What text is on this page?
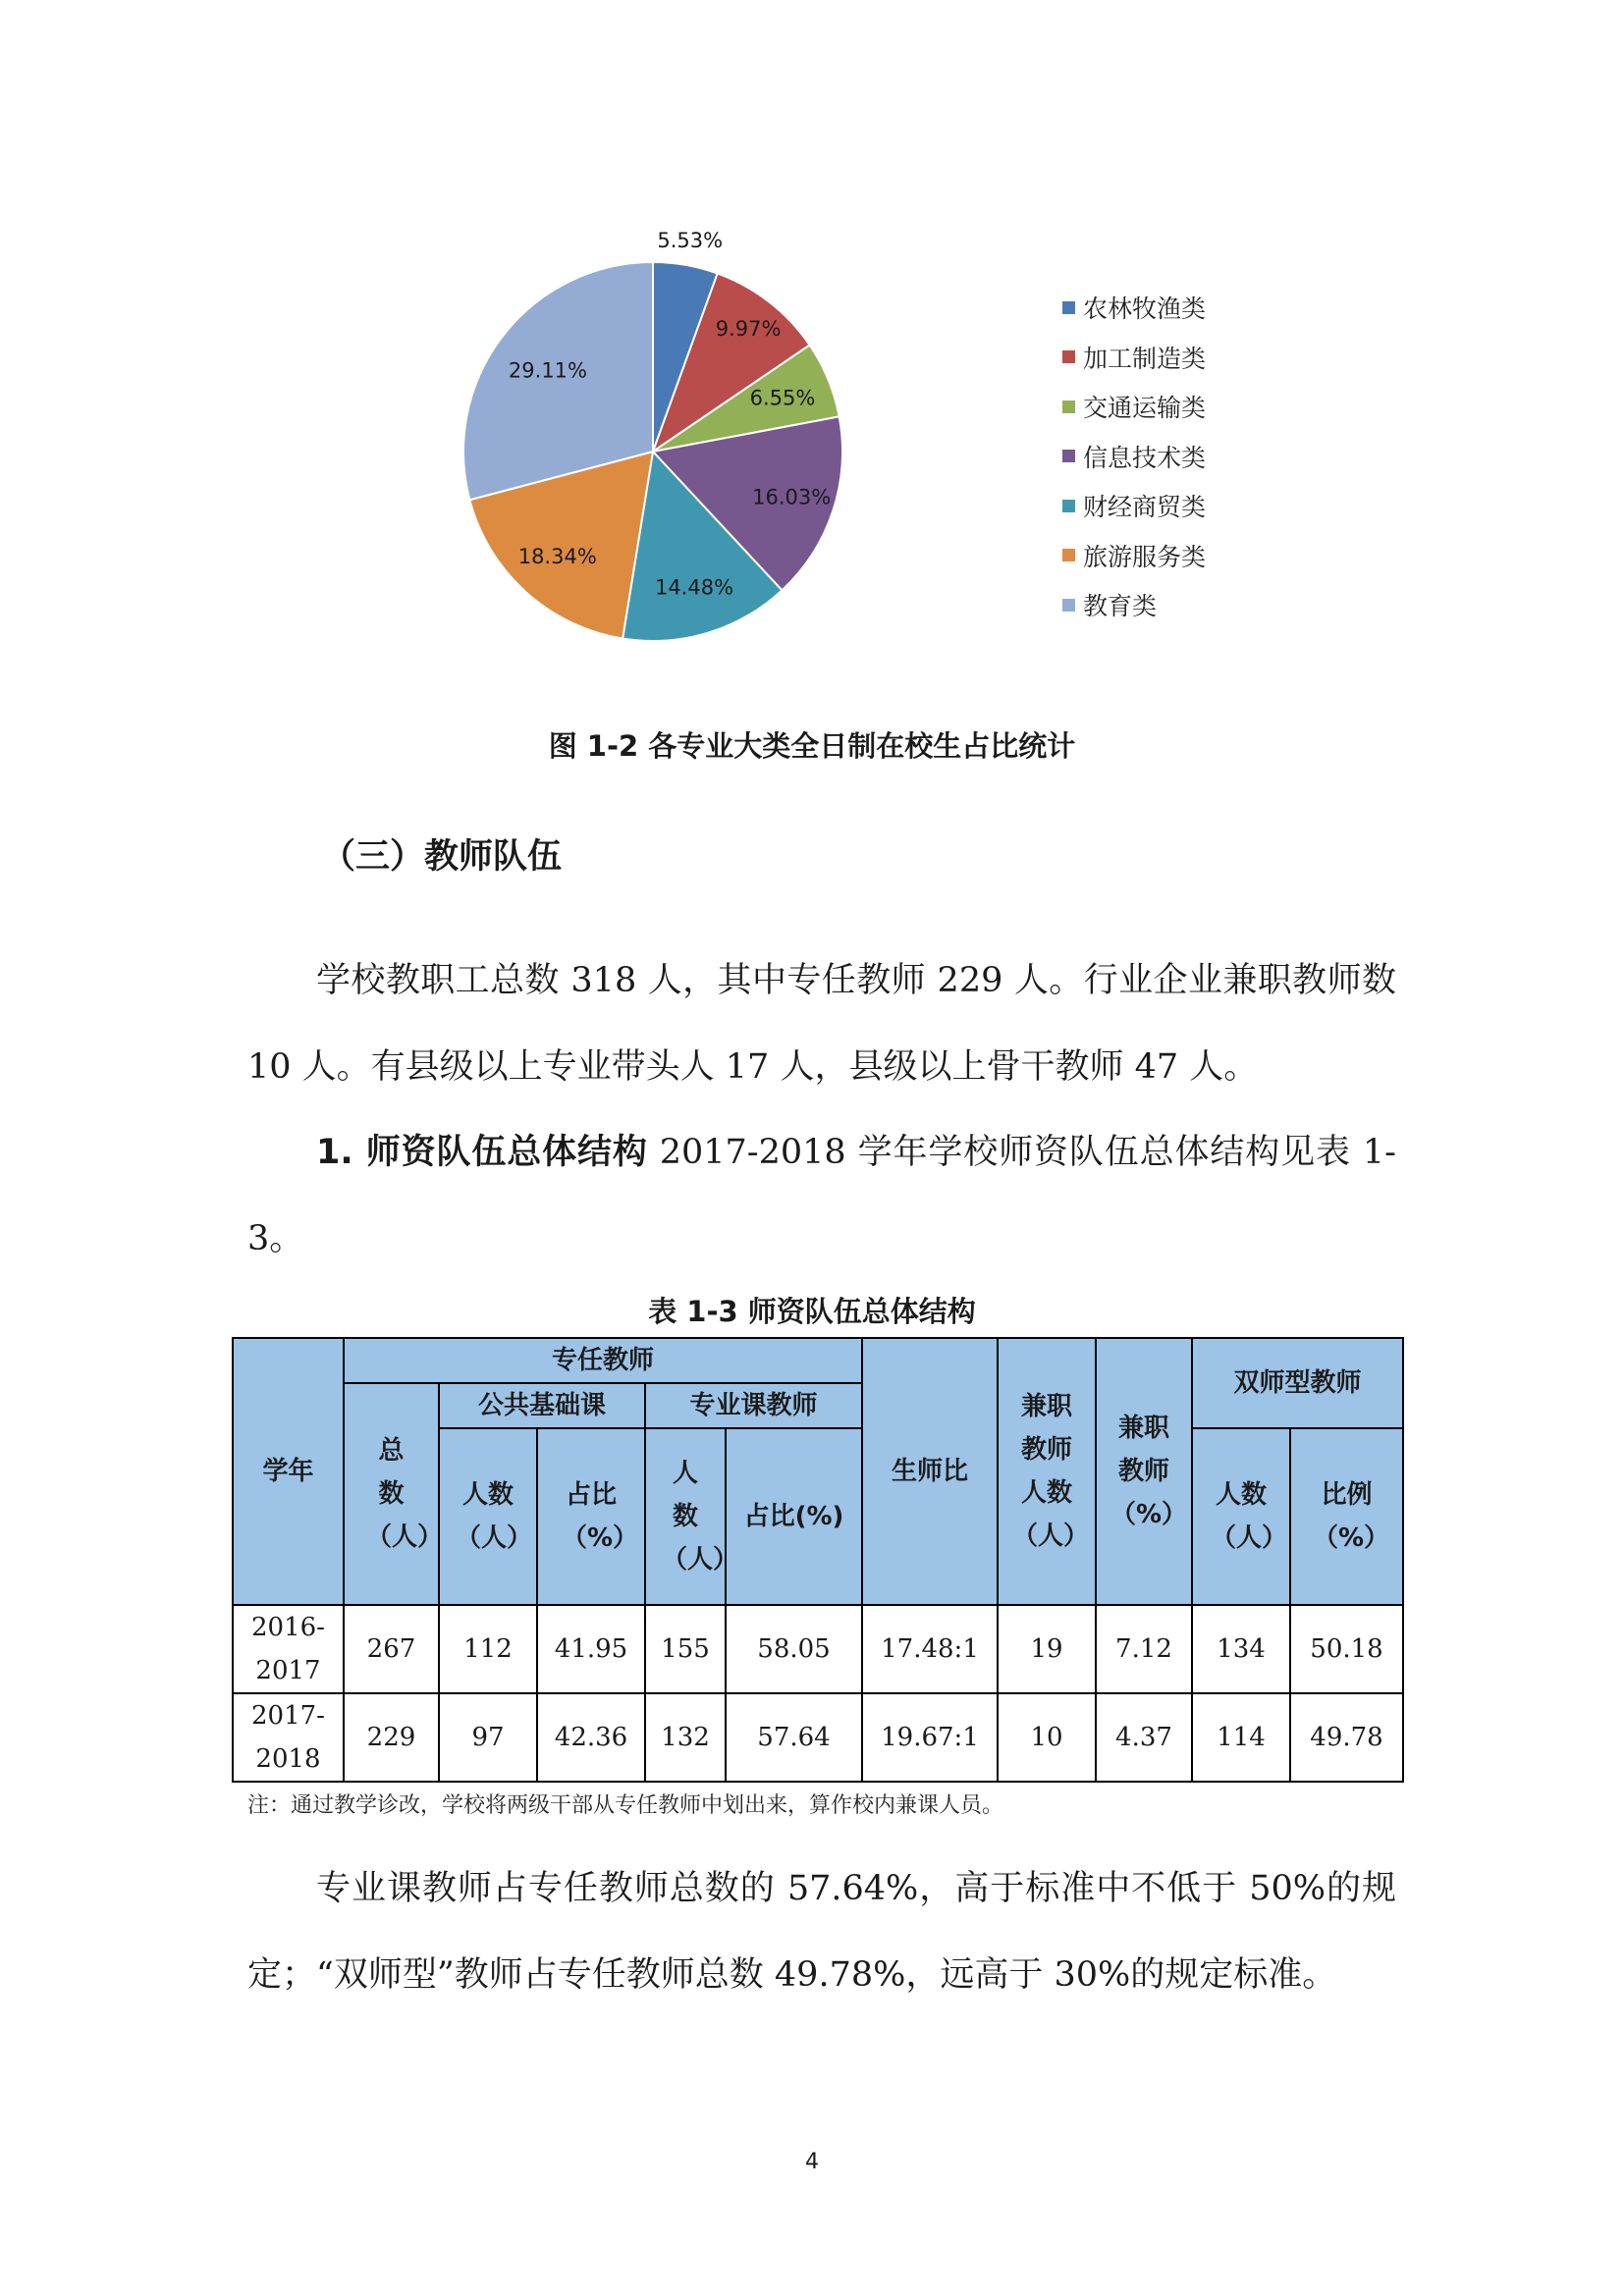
5.53%
9.97%
6.55%
16.03%
14.48%
18.34%
29.11%
农林牧渔类
加工制造类
交通运输类
信息技术类
财经商贸类
旅游服务类
教育类
图 1-2 各专业大类全日制在校生占比统计
（三）教师队伍
学校教职工总数 318 人，其中专任教师 229 人。行业企业兼职教师数 10 人。有县级以上专业带头人 17 人，县级以上骨干教师 47 人。
1. 师资队伍总体结构 2017-2018 学年学校师资队伍总体结构见表 1-3。
表 1-3 师资队伍总体结构
学年	专任教师					生师比	兼职教师人数（人）	兼职教师（%）	双师型教师	
	总数（人）	公共基础课		专业课教师						
		人数（人）	占比（%）	人数（人）	占比(%)				人数（人）	比例（%）

2016-2017	267	112	41.95	155	58.05	17.48:1	19	7.12	134	50.18
2017-2018	229	97	42.36	132	57.64	19.67:1	10	4.37	114	49.78
注：通过教学诊改，学校将两级干部从专任教师中划出来，算作校内兼课人员。
专业课教师占专任教师总数的 57.64%，高于标准中不低于 50%的规定；“双师型”教师占专任教师总数 49.78%，远高于 30%的规定标准。
4
